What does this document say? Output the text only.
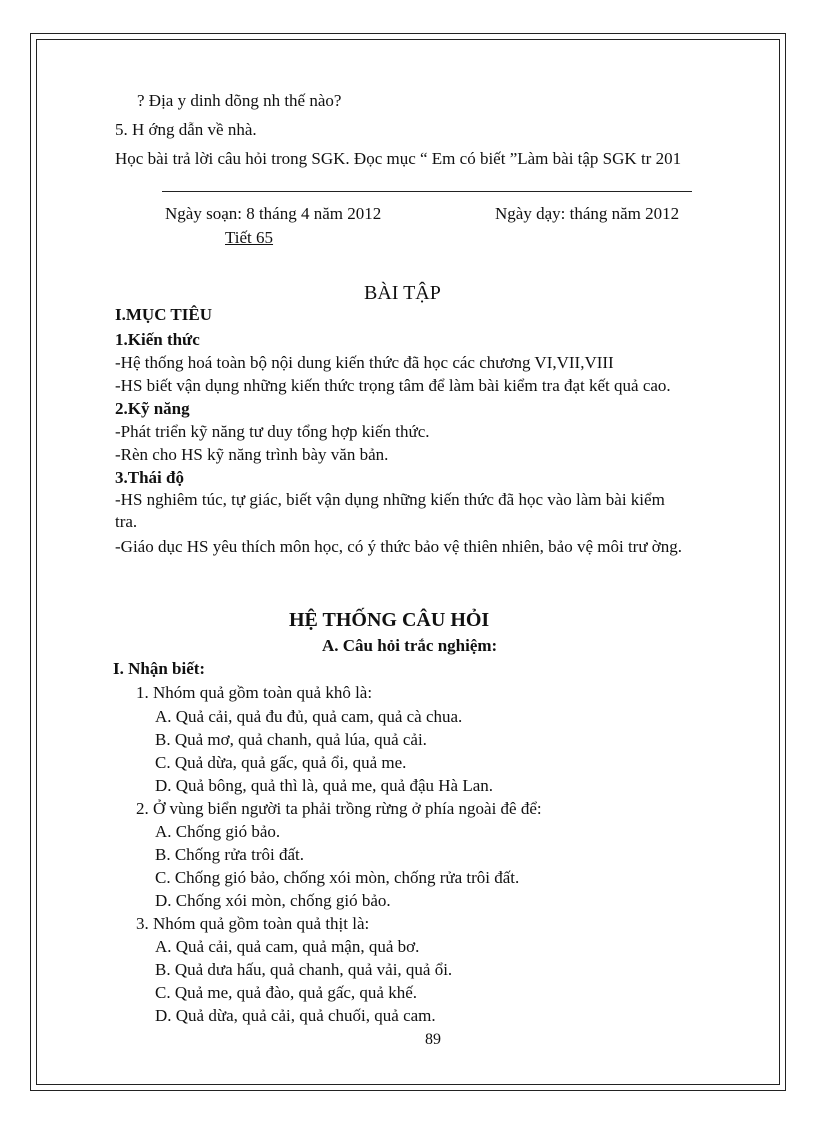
? Địa y dinh dõng nh thế nào?
5. H ớng dẫn về nhà.
Học bài trả lời câu hỏi trong SGK. Đọc mục “ Em có biết ”Làm bài tập SGK tr 201
Ngày soạn: 8 tháng 4 năm 2012	Ngày dạy: tháng năm 2012
Tiết 65
BÀI TẬP
I.MỤC TIÊU
1.Kiến thức
-Hệ thống hoá toàn bộ nội dung kiến thức đã học các chương VI,VII,VIII
-HS biết vận dụng những kiến thức trọng tâm để làm bài kiểm tra đạt kết quả cao.
2.Kỹ năng
-Phát triển kỹ năng tư duy tổng hợp kiến thức.
-Rèn cho HS kỹ năng trình bày văn bản.
3.Thái độ
-HS nghiêm túc, tự giác, biết vận dụng những kiến thức đã học vào làm bài kiểm
tra.
-Giáo dục HS yêu thích môn học, có ý thức bảo vệ thiên nhiên, bảo vệ môi trư ờng.
HỆ THỐNG CÂU HỎI
A. Câu hỏi trắc nghiệm:
I. Nhận biết:
1. Nhóm quả gồm toàn quả khô là:
A. Quả cải, quả đu đủ, quả cam, quả cà chua.
B. Quả mơ, quả chanh, quả lúa, quả cải.
C. Quả dừa, quả gấc, quả ổi, quả me.
D. Quả bông, quả thì là, quả me, quả đậu Hà Lan.
2. Ở vùng biển người ta phải trồng rừng ở phía ngoài đê để:
A. Chống gió bảo.
B. Chống rửa trôi đất.
C. Chống gió bảo, chống xói mòn, chống rửa trôi đất.
D. Chống xói mòn, chống gió bảo.
3. Nhóm quả gồm toàn quả thịt là:
A. Quả cải, quả cam, quả mận, quả bơ.
B. Quả dưa hấu, quả chanh, quả vải, quả ổi.
C. Quả me, quả đào, quả gấc, quả khế.
D. Quả dừa, quả cải, quả chuối, quả cam.
89
